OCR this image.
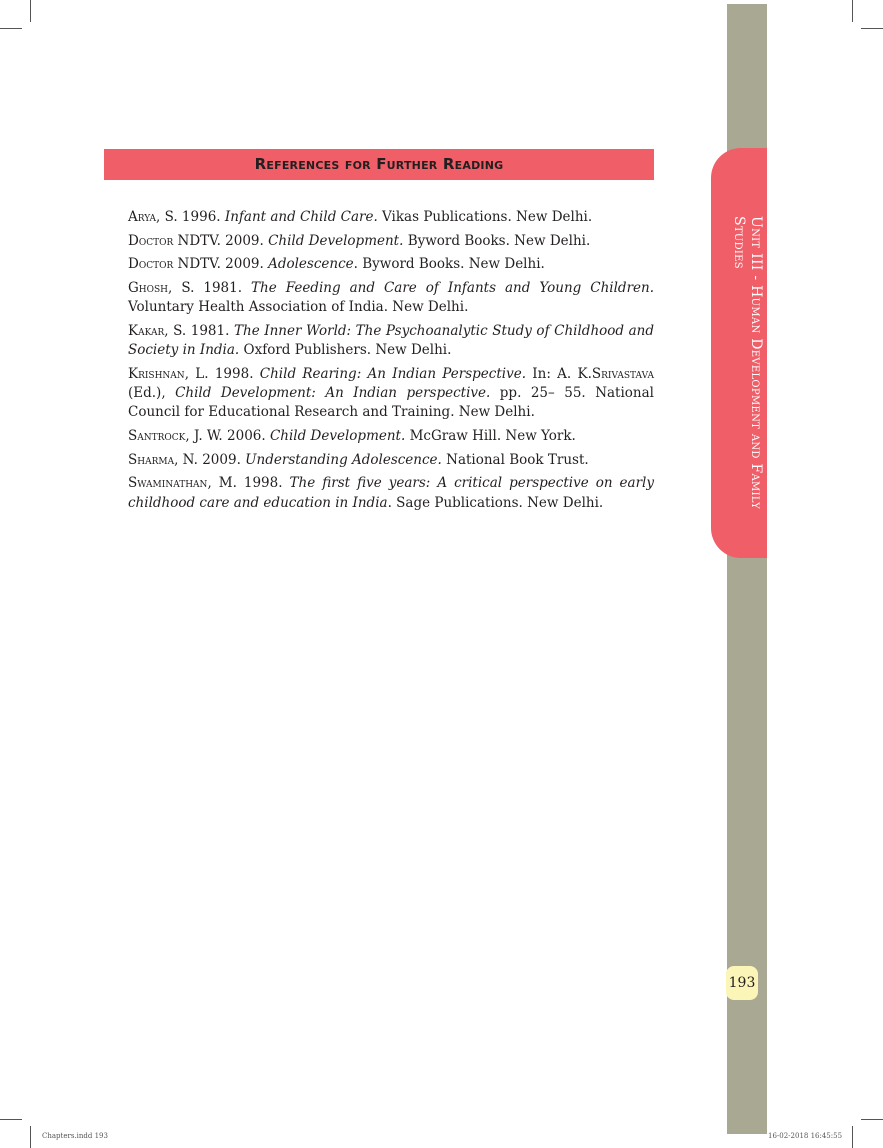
Unit III - Human Development and Family Studies
193
References for Further Reading

Arya, S. 1996. Infant and Child Care. Vikas Publications. New Delhi.

Doctor NDTV. 2009. Child Development. Byword Books. New Delhi.

Doctor NDTV. 2009. Adolescence. Byword Books. New Delhi.

Ghosh, S. 1981. The Feeding and Care of Infants and Young Children. Voluntary Health Association of India. New Delhi.

Kakar, S. 1981. The Inner World: The Psychoanalytic Study of Childhood and Society in India. Oxford Publishers. New Delhi.

Krishnan, L. 1998. Child Rearing: An Indian Perspective. In: A. K.Srivastava (Ed.), Child Development: An Indian perspective. pp. 25– 55. National Council for Educational Research and Training. New Delhi.

Santrock, J. W. 2006. Child Development. McGraw Hill. New York.

Sharma, N. 2009. Understanding Adolescence. National Book Trust.

Swaminathan, M. 1998. The first five years: A critical perspective on early childhood care and education in India. Sage Publications. New Delhi.

Chapters.indd 193	16-02-2018 16:45:55
